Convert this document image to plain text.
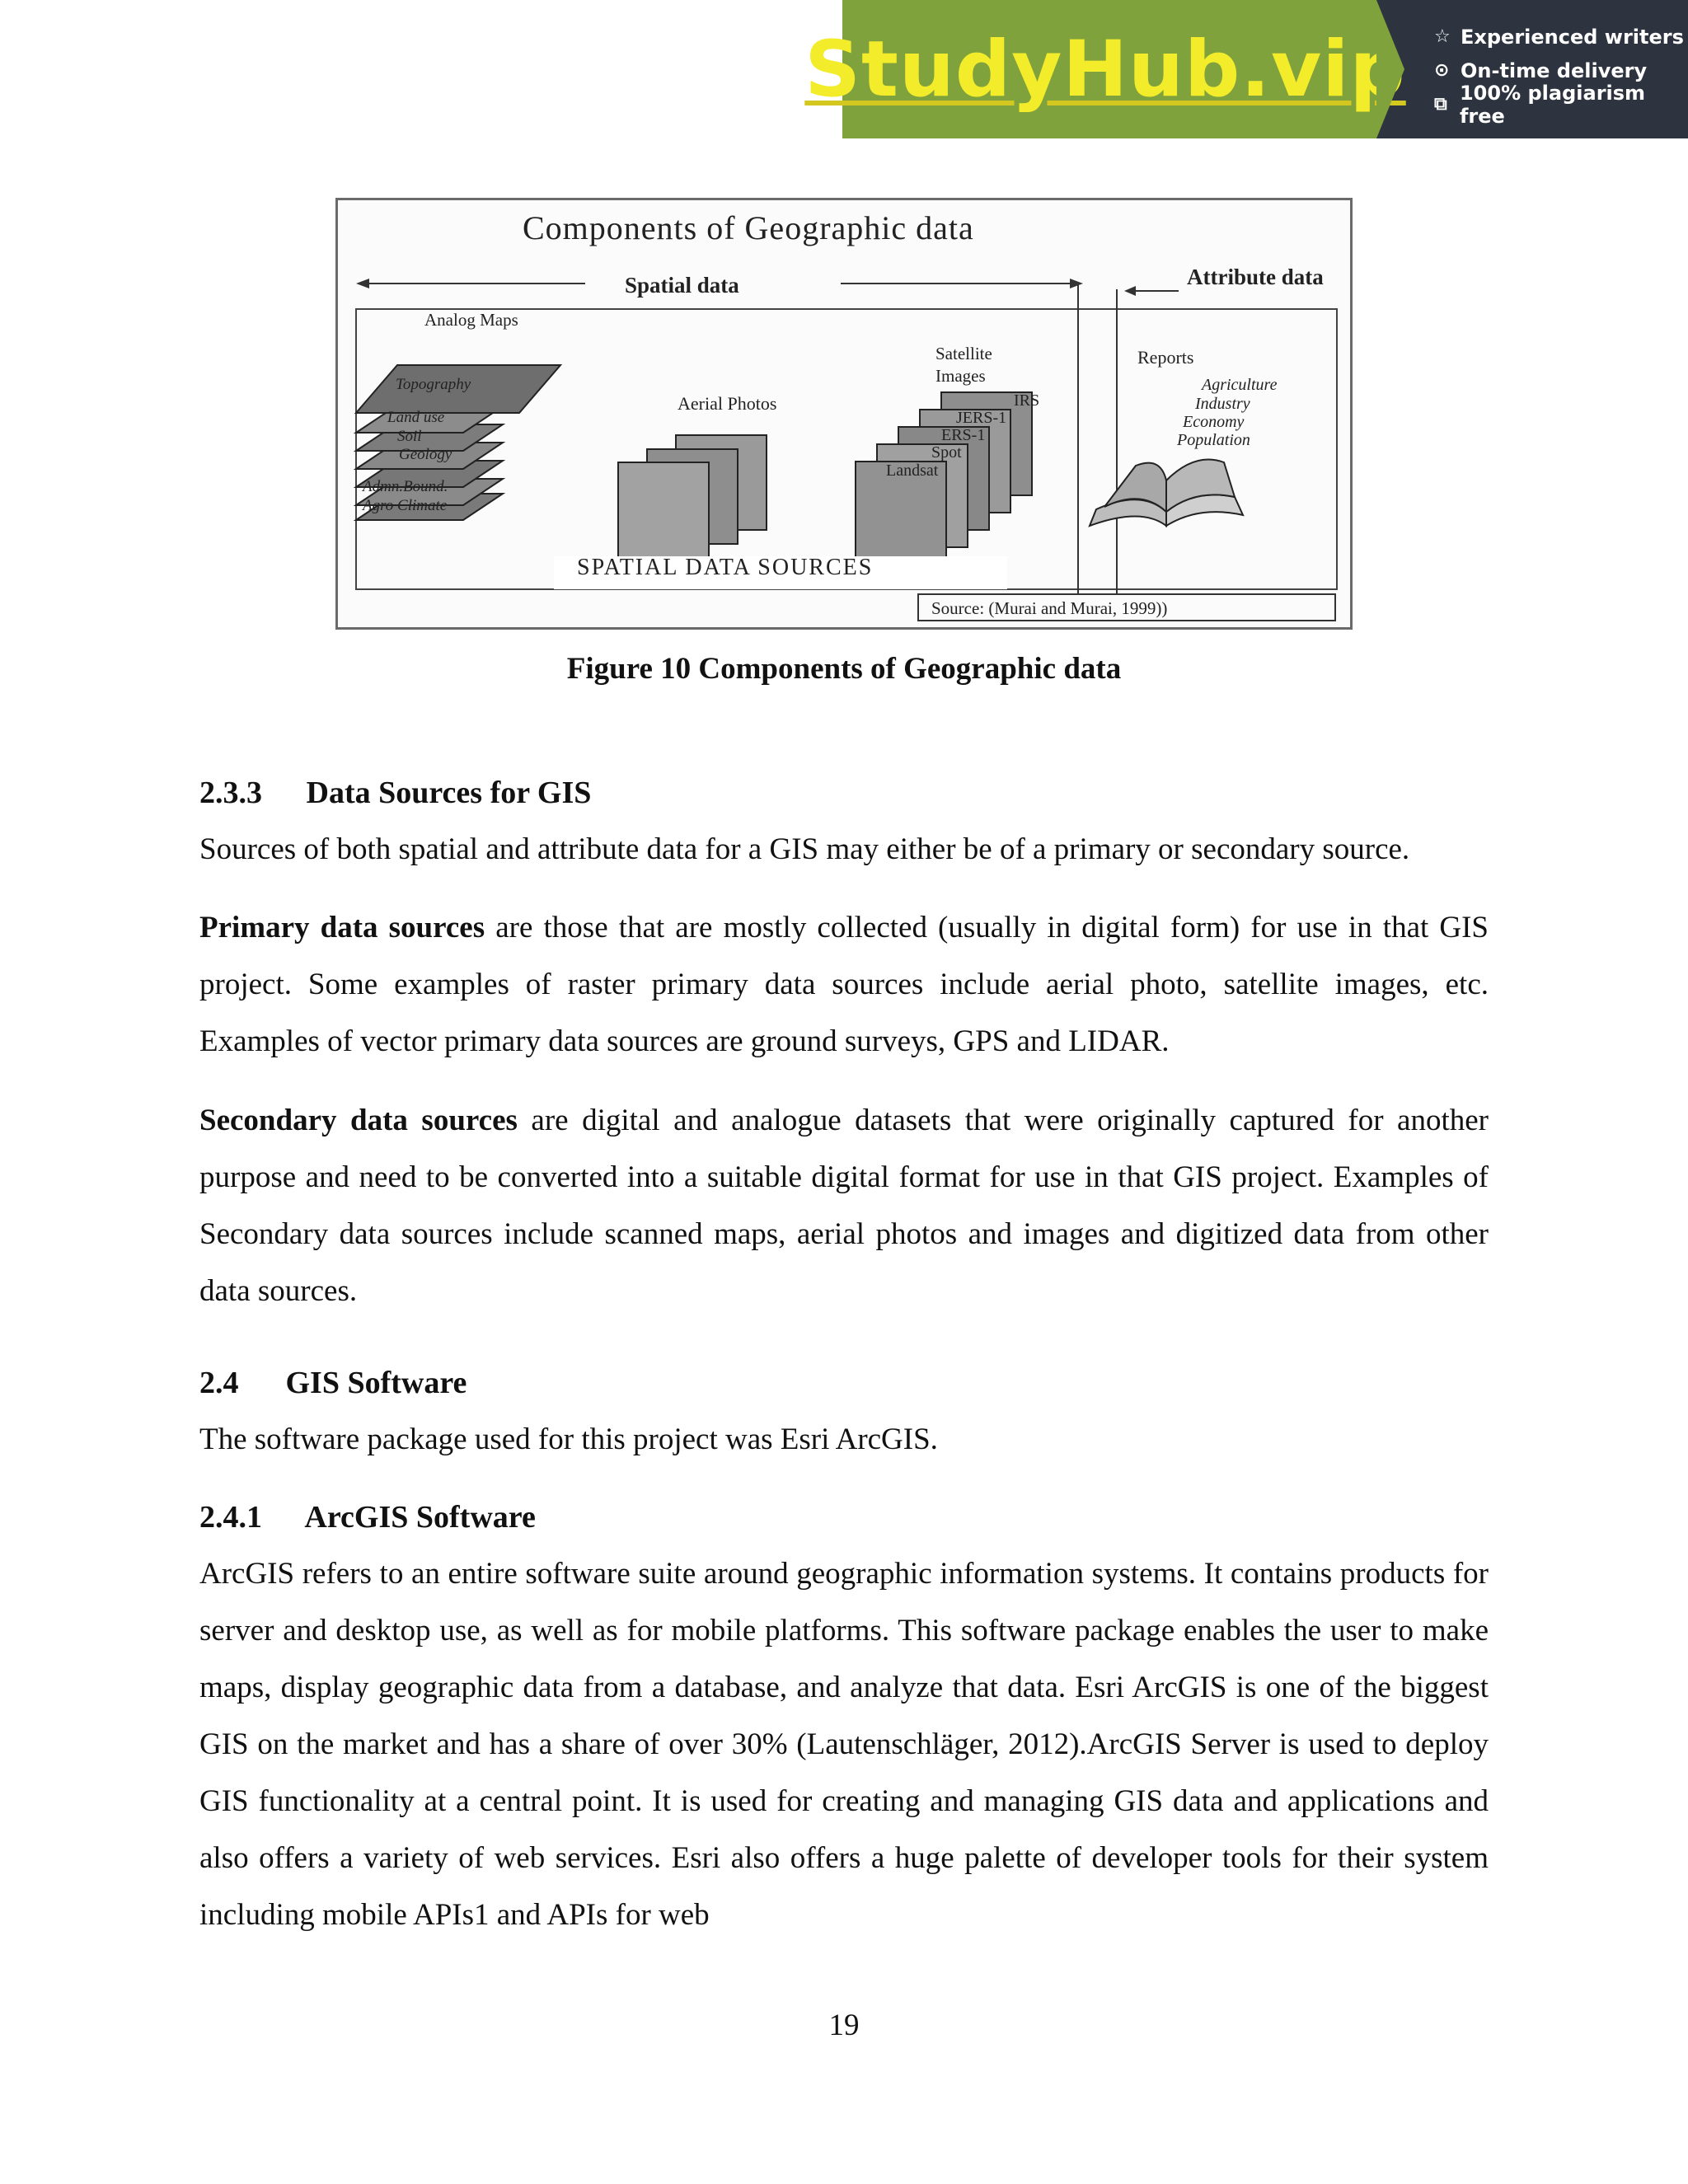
StudyHub.vip ☆ Experienced writers
⊙ On-time delivery
⧉ 100% plagiarism free
Components of Geographic data
Spatial data	Attribute data
Analog Maps
Topography
Land use
Soil
Geology
Admn.Bound.
Agro Climate
Aerial Photos
Satellite Images
IRS
JERS-1
ERS-1
Spot
Landsat
Reports
Agriculture
Industry
Economy
Population
SPATIAL DATA SOURCES
Source: (Murai and Murai, 1999))
Figure 10 Components of Geographic data
2.3.3 Data Sources for GIS
Sources of both spatial and attribute data for a GIS may either be of a primary or secondary source.
Primary data sources are those that are mostly collected (usually in digital form) for use in that GIS project. Some examples of raster primary data sources include aerial photo, satellite images, etc. Examples of vector primary data sources are ground surveys, GPS and LIDAR.
Secondary data sources are digital and analogue datasets that were originally captured for another purpose and need to be converted into a suitable digital format for use in that GIS project. Examples of Secondary data sources include scanned maps, aerial photos and images and digitized data from other data sources.
2.4 GIS Software
The software package used for this project was Esri ArcGIS.
2.4.1 ArcGIS Software
ArcGIS refers to an entire software suite around geographic information systems. It contains products for server and desktop use, as well as for mobile platforms. This software package enables the user to make maps, display geographic data from a database, and analyze that data. Esri ArcGIS is one of the biggest GIS on the market and has a share of over 30% (Lautenschläger, 2012).ArcGIS Server is used to deploy GIS functionality at a central point. It is used for creating and managing GIS data and applications and also offers a variety of web services. Esri also offers a huge palette of developer tools for their system including mobile APIs1 and APIs for web
19
